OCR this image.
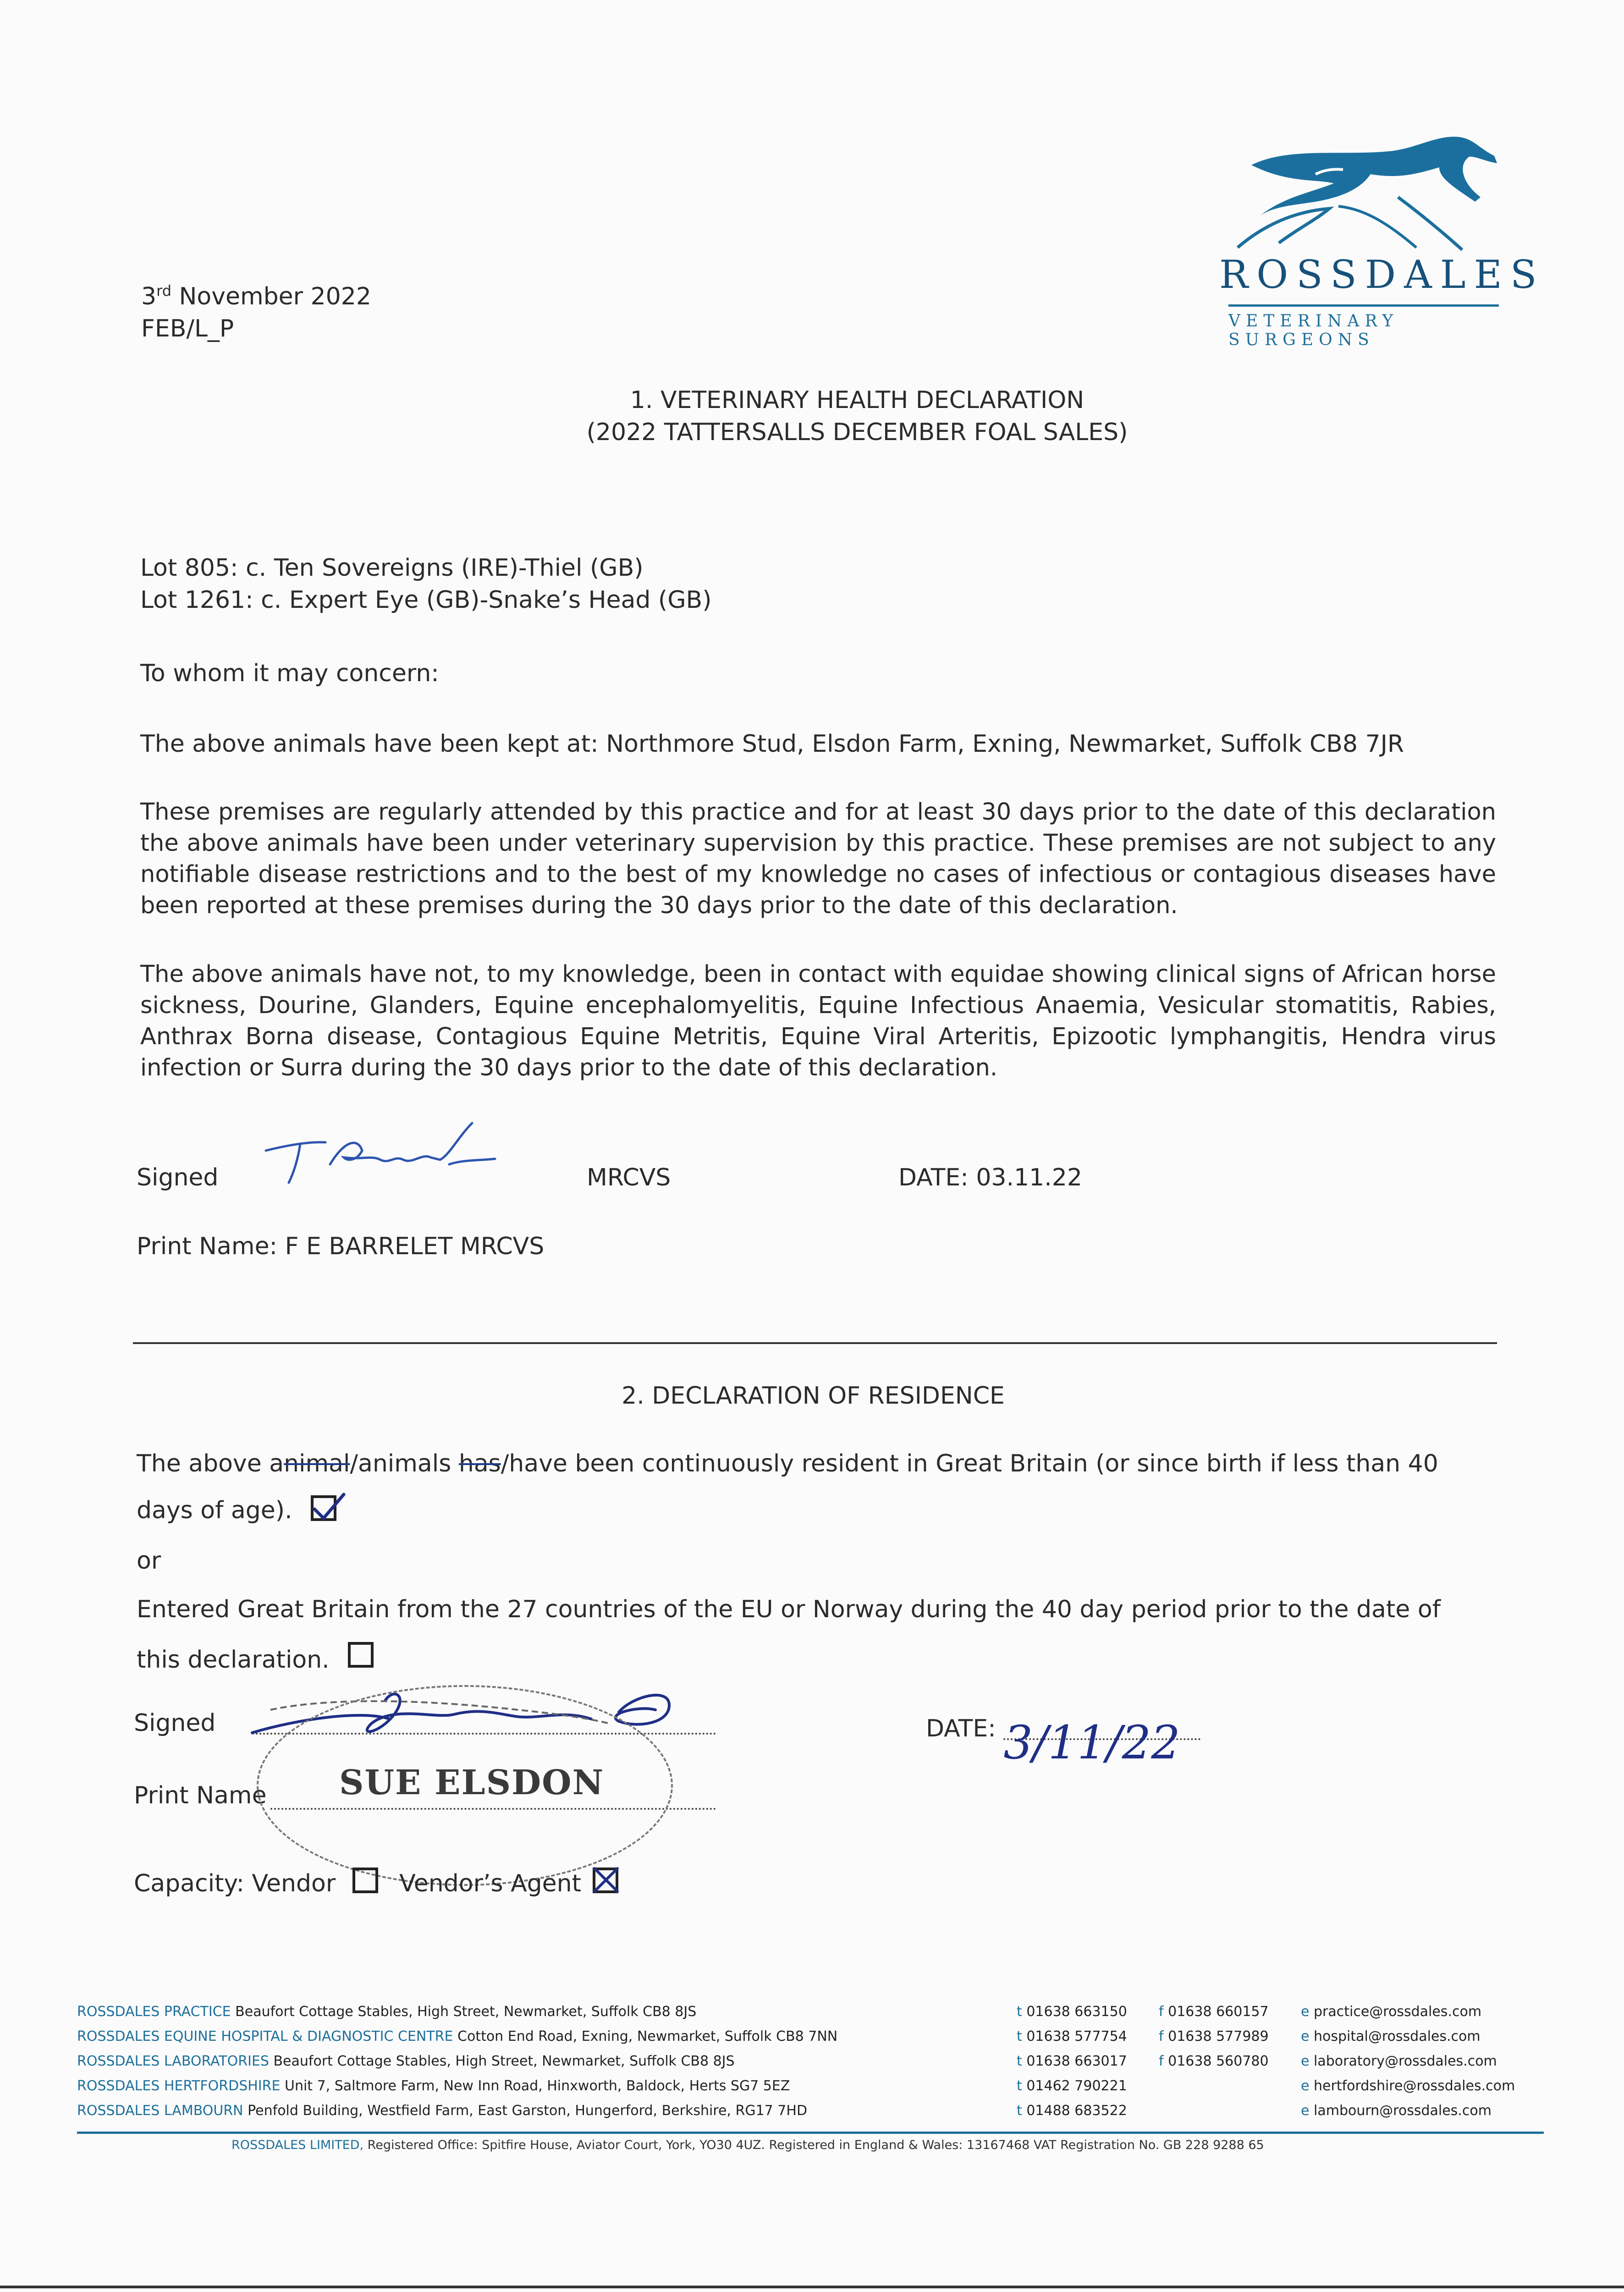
ROSSDALES
VETERINARY SURGEONS
3rd November 2022
FEB/L_P
1. VETERINARY HEALTH DECLARATION
(2022 TATTERSALLS DECEMBER FOAL SALES)
Lot 805: c. Ten Sovereigns (IRE)-Thiel (GB)
Lot 1261: c. Expert Eye (GB)-Snake’s Head (GB)
To whom it may concern:
The above animals have been kept at: Northmore Stud, Elsdon Farm, Exning, Newmarket, Suffolk CB8 7JR
These premises are regularly attended by this practice and for at least 30 days prior to the date of this declaration the above animals have been under veterinary supervision by this practice. These premises are not subject to any notifiable disease restrictions and to the best of my knowledge no cases of infectious or contagious diseases have been reported at these premises during the 30 days prior to the date of this declaration.
The above animals have not, to my knowledge, been in contact with equidae showing clinical signs of African horse sickness, Dourine, Glanders, Equine encephalomyelitis, Equine Infectious Anaemia, Vesicular stomatitis, Rabies, Anthrax Borna disease, Contagious Equine Metritis, Equine Viral Arteritis, Epizootic lymphangitis, Hendra virus infection or Surra during the 30 days prior to the date of this declaration.
Signed	MRCVS	DATE: 03.11.22
Print Name: F E BARRELET MRCVS
2. DECLARATION OF RESIDENCE
The above animal/animals has/have been continuously resident in Great Britain (or since birth if less than 40
days of age).
or
Entered Great Britain from the 27 countries of the EU or Norway during the 40 day period prior to the date of
this declaration.
Signed	DATE: 3/11/22
Print Name SUE ELSDON
Capacity: Vendor	Vendor’s Agent
ROSSDALES PRACTICE Beaufort Cottage Stables, High Street, Newmarket, Suffolk CB8 8JS	t 01638 663150 f 01638 660157 e practice@rossdales.com
ROSSDALES EQUINE HOSPITAL & DIAGNOSTIC CENTRE Cotton End Road, Exning, Newmarket, Suffolk CB8 7NN	t 01638 577754 f 01638 577989 e hospital@rossdales.com
ROSSDALES LABORATORIES Beaufort Cottage Stables, High Street, Newmarket, Suffolk CB8 8JS	t 01638 663017 f 01638 560780 e laboratory@rossdales.com
ROSSDALES HERTFORDSHIRE Unit 7, Saltmore Farm, New Inn Road, Hinxworth, Baldock, Herts SG7 5EZ	t 01462 790221	e hertfordshire@rossdales.com
ROSSDALES LAMBOURN Penfold Building, Westfield Farm, East Garston, Hungerford, Berkshire, RG17 7HD	t 01488 683522	e lambourn@rossdales.com
ROSSDALES LIMITED, Registered Office: Spitfire House, Aviator Court, York, YO30 4UZ. Registered in England & Wales: 13167468 VAT Registration No. GB 228 9288 65
